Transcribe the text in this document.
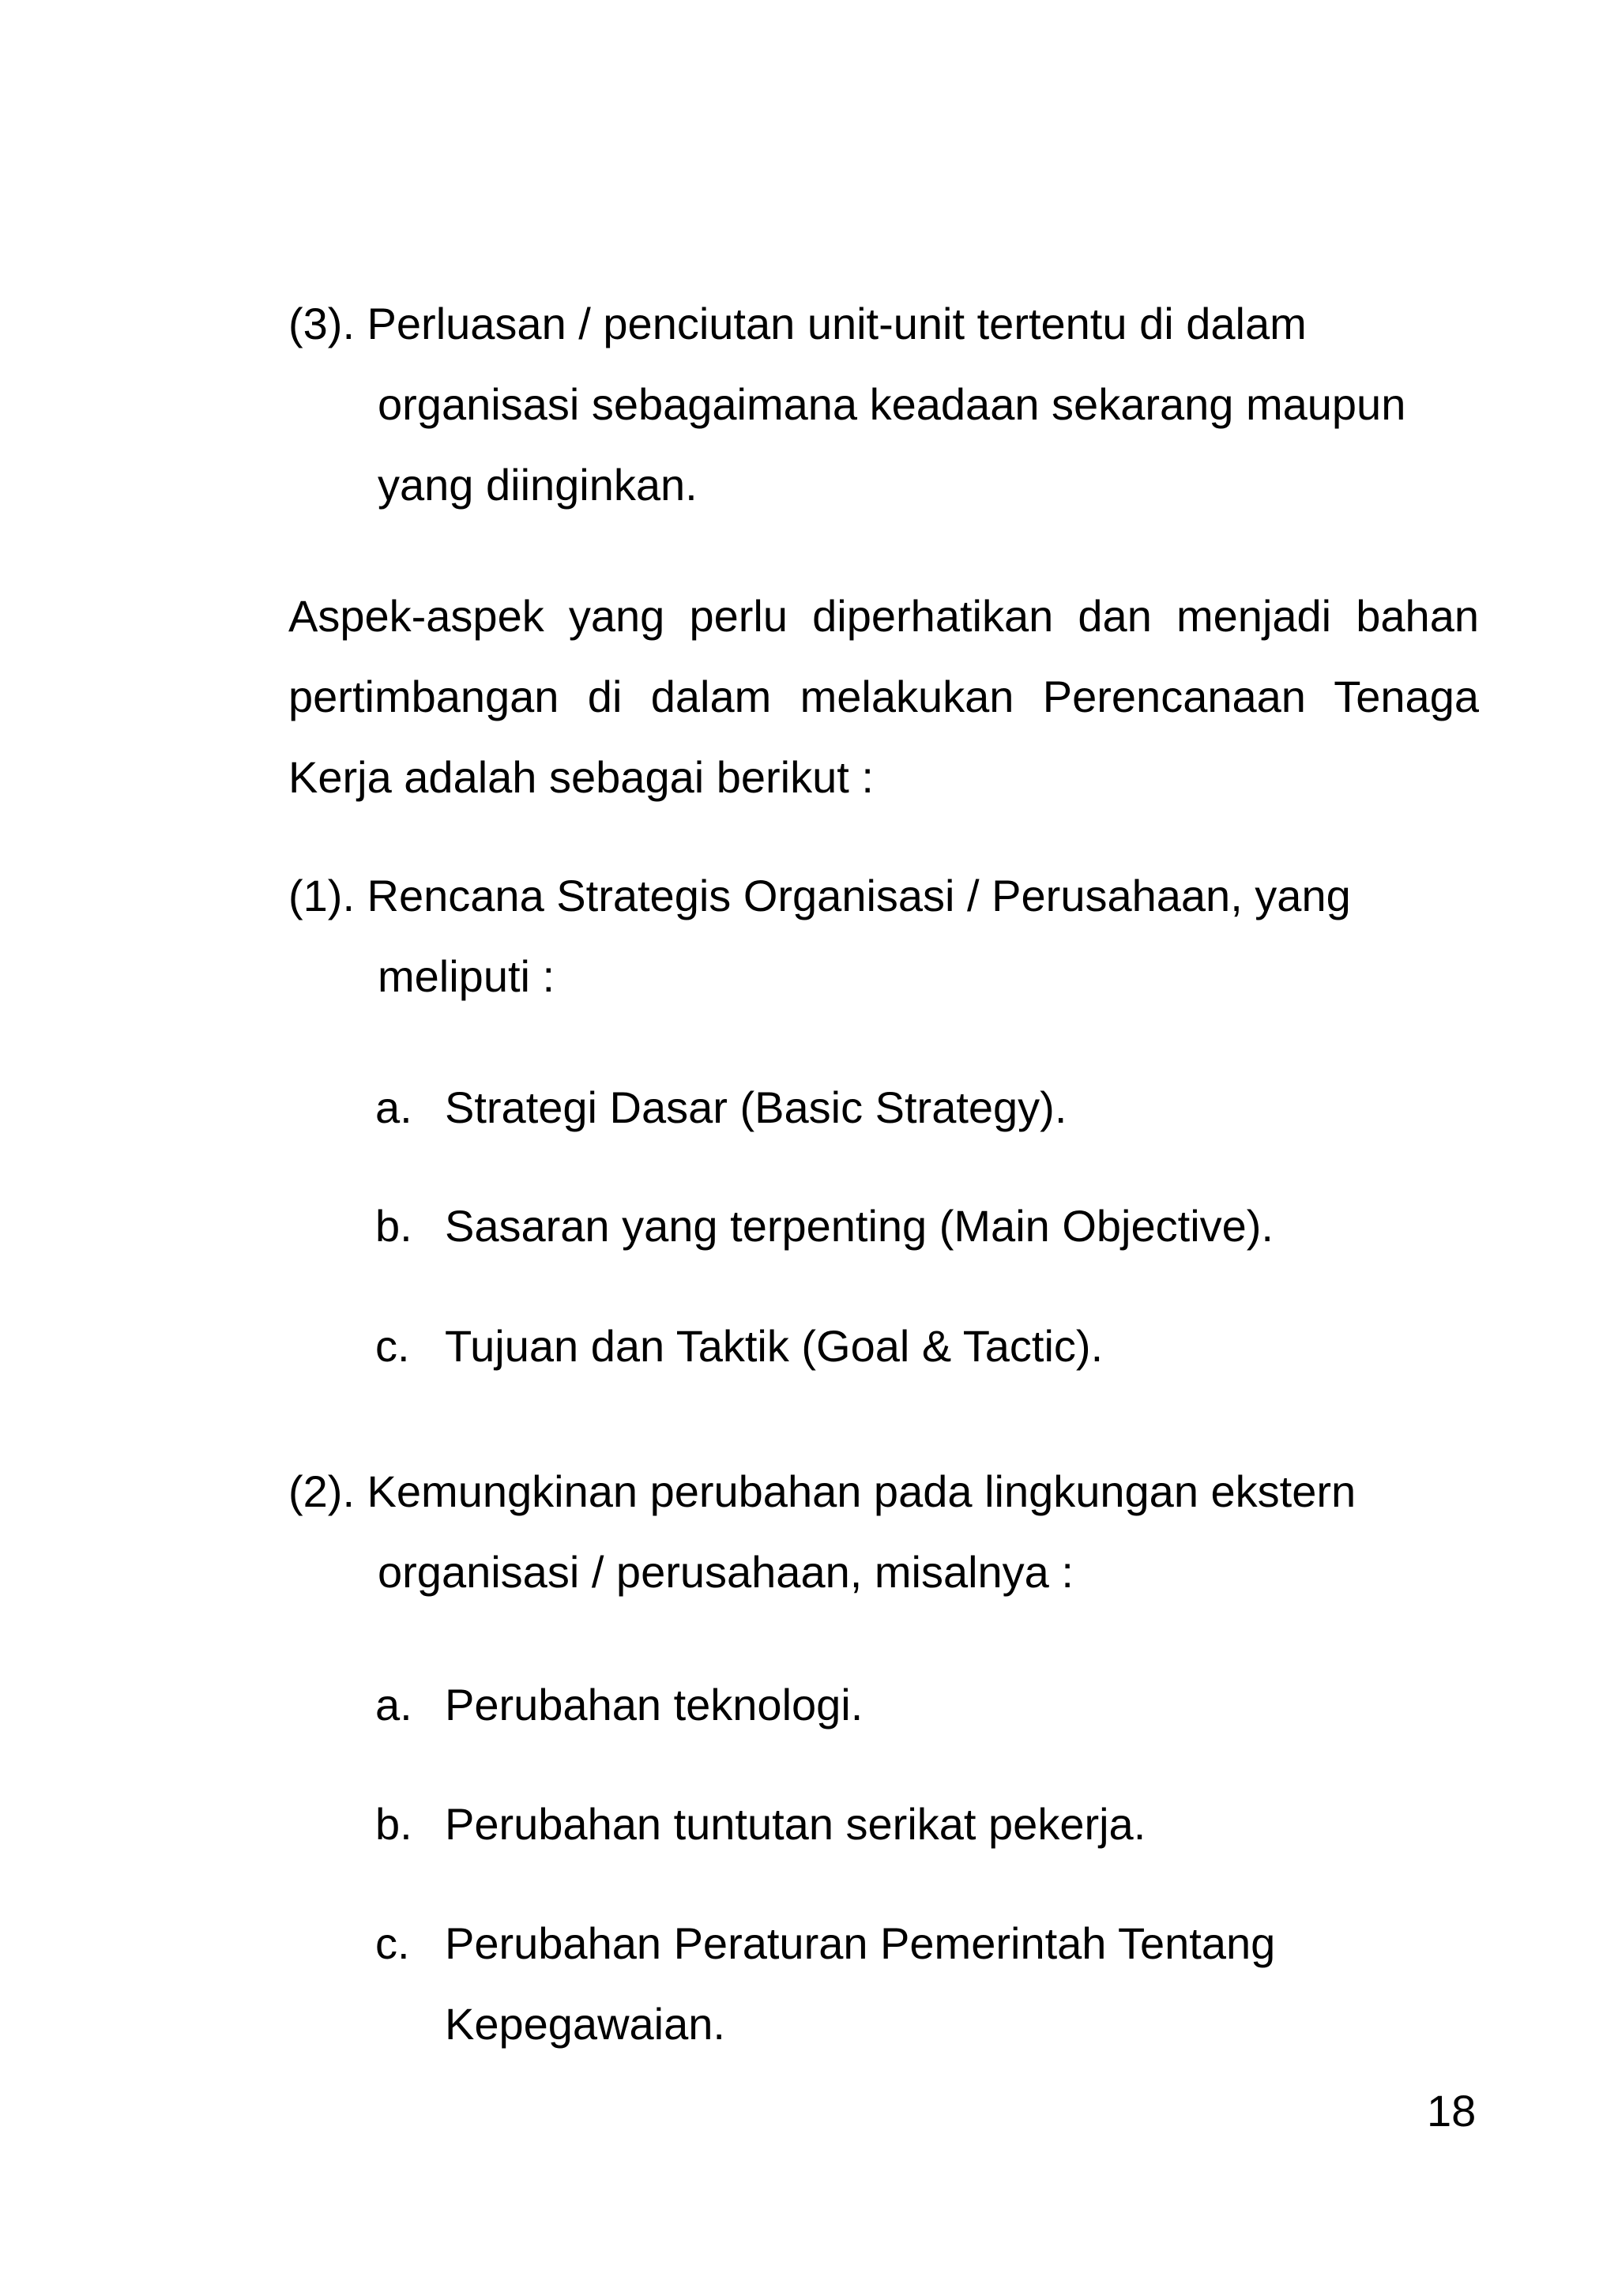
(3). Perluasan / penciutan unit-unit tertentu di dalam
organisasi sebagaimana keadaan sekarang maupun
yang diinginkan.
Aspek-aspek yang perlu diperhatikan dan menjadi bahan
pertimbangan di dalam melakukan Perencanaan Tenaga
Kerja adalah sebagai berikut :
(1). Rencana Strategis Organisasi / Perusahaan, yang
meliputi :
a. Strategi Dasar (Basic Strategy).
b. Sasaran yang terpenting (Main Objective).
c. Tujuan dan Taktik (Goal & Tactic).
(2). Kemungkinan perubahan pada lingkungan ekstern
organisasi / perusahaan, misalnya :
a. Perubahan teknologi.
b. Perubahan tuntutan serikat pekerja.
c. Perubahan Peraturan Pemerintah Tentang
Kepegawaian.
18
